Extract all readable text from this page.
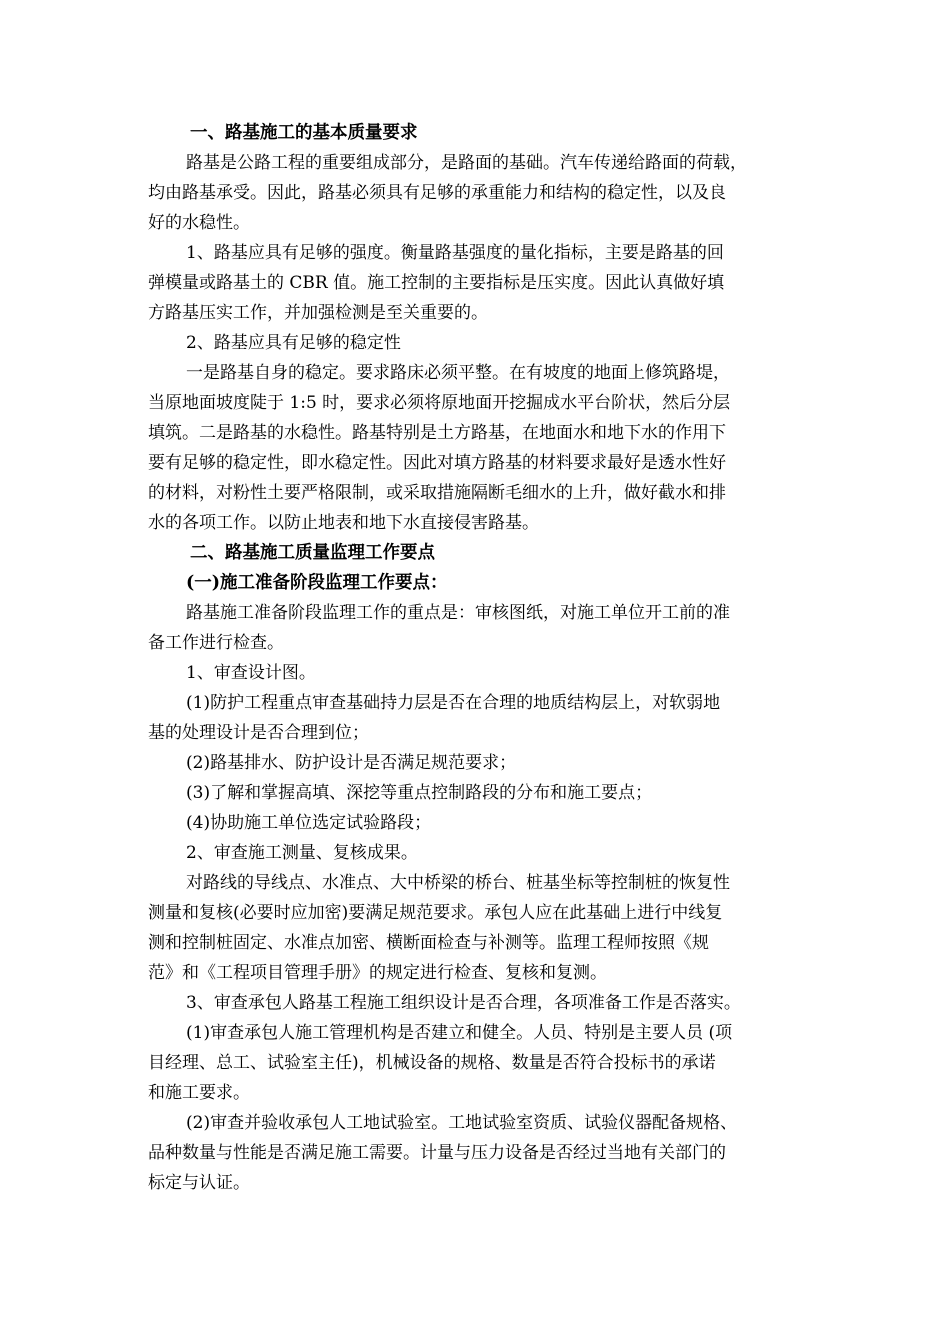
一、路基施工的基本质量要求

路基是公路工程的重要组成部分，是路面的基础。汽车传递给路面的荷载，
均由路基承受。因此，路基必须具有足够的承重能力和结构的稳定性，以及良
好的水稳性。

1、路基应具有足够的强度。衡量路基强度的量化指标，主要是路基的回
弹模量或路基土的 CBR 值。施工控制的主要指标是压实度。因此认真做好填
方路基压实工作，并加强检测是至关重要的。

2、路基应具有足够的稳定性

一是路基自身的稳定。要求路床必须平整。在有坡度的地面上修筑路堤，
当原地面坡度陡于 1:5 时，要求必须将原地面开挖掘成水平台阶状，然后分层
填筑。二是路基的水稳性。路基特别是土方路基，在地面水和地下水的作用下
要有足够的稳定性，即水稳定性。因此对填方路基的材料要求最好是透水性好
的材料，对粉性土要严格限制，或采取措施隔断毛细水的上升，做好截水和排
水的各项工作。以防止地表和地下水直接侵害路基。

二、路基施工质量监理工作要点

(一)施工准备阶段监理工作要点：

路基施工准备阶段监理工作的重点是：审核图纸，对施工单位开工前的准
备工作进行检查。

1、审查设计图。

(1)防护工程重点审查基础持力层是否在合理的地质结构层上，对软弱地
基的处理设计是否合理到位；

(2)路基排水、防护设计是否满足规范要求；

(3)了解和掌握高填、深挖等重点控制路段的分布和施工要点；

(4)协助施工单位选定试验路段；

2、审查施工测量、复核成果。

对路线的导线点、水准点、大中桥梁的桥台、桩基坐标等控制桩的恢复性
测量和复核(必要时应加密)要满足规范要求。承包人应在此基础上进行中线复
测和控制桩固定、水准点加密、横断面检查与补测等。监理工程师按照《规
范》和《工程项目管理手册》的规定进行检查、复核和复测。

3、审查承包人路基工程施工组织设计是否合理，各项准备工作是否落实。

(1)审查承包人施工管理机构是否建立和健全。人员、特别是主要人员 (项
目经理、总工、试验室主任)，机械设备的规格、数量是否符合投标书的承诺
和施工要求。

(2)审查并验收承包人工地试验室。工地试验室资质、试验仪器配备规格、
品种数量与性能是否满足施工需要。计量与压力设备是否经过当地有关部门的
标定与认证。
